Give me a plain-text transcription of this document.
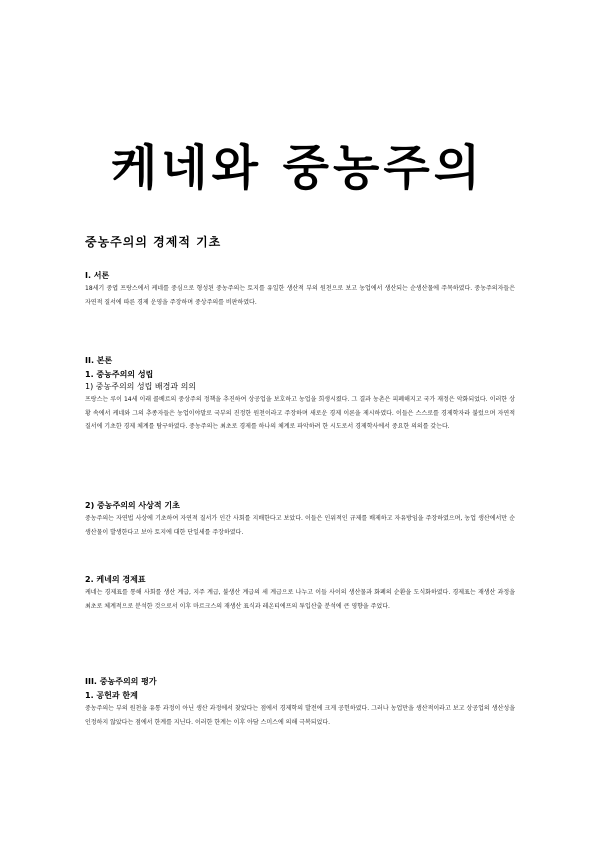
케네와 중농주의
중농주의의 경제적 기초
I. 서론
18세기 중엽 프랑스에서 케네를 중심으로 형성된 중농주의는 토지를 유일한 생산적 부의 원천으로 보고 농업에서 생산되는 순생산물에 주목하였다. 중농주의자들은 자연적 질서에 따른 경제 운영을 주장하며 중상주의를 비판하였다.
II. 본론
1. 중농주의의 성립
1) 중농주의의 성립 배경과 의의
프랑스는 루이 14세 이래 콜베르의 중상주의 정책을 추진하여 상공업을 보호하고 농업을 희생시켰다. 그 결과 농촌은 피폐해지고 국가 재정은 악화되었다. 이러한 상황 속에서 케네와 그의 추종자들은 농업이야말로 국부의 진정한 원천이라고 주장하며 새로운 경제 이론을 제시하였다. 이들은 스스로를 경제학자라 불렀으며 자연적 질서에 기초한 경제 체계를 탐구하였다. 중농주의는 최초로 경제를 하나의 체계로 파악하려 한 시도로서 경제학사에서 중요한 의의를 갖는다.
2) 중농주의의 사상적 기초
중농주의는 자연법 사상에 기초하여 자연적 질서가 인간 사회를 지배한다고 보았다. 이들은 인위적인 규제를 배제하고 자유방임을 주장하였으며, 농업 생산에서만 순생산물이 발생한다고 보아 토지에 대한 단일세를 주장하였다.
2. 케네의 경제표
케네는 경제표를 통해 사회를 생산 계급, 지주 계급, 불생산 계급의 세 계급으로 나누고 이들 사이의 생산물과 화폐의 순환을 도식화하였다. 경제표는 재생산 과정을 최초로 체계적으로 분석한 것으로서 이후 마르크스의 재생산 표식과 레온티에프의 투입산출 분석에 큰 영향을 주었다.
III. 중농주의의 평가
1. 공헌과 한계
중농주의는 부의 원천을 유통 과정이 아닌 생산 과정에서 찾았다는 점에서 경제학의 발전에 크게 공헌하였다. 그러나 농업만을 생산적이라고 보고 상공업의 생산성을 인정하지 않았다는 점에서 한계를 지닌다. 이러한 한계는 이후 아담 스미스에 의해 극복되었다.
